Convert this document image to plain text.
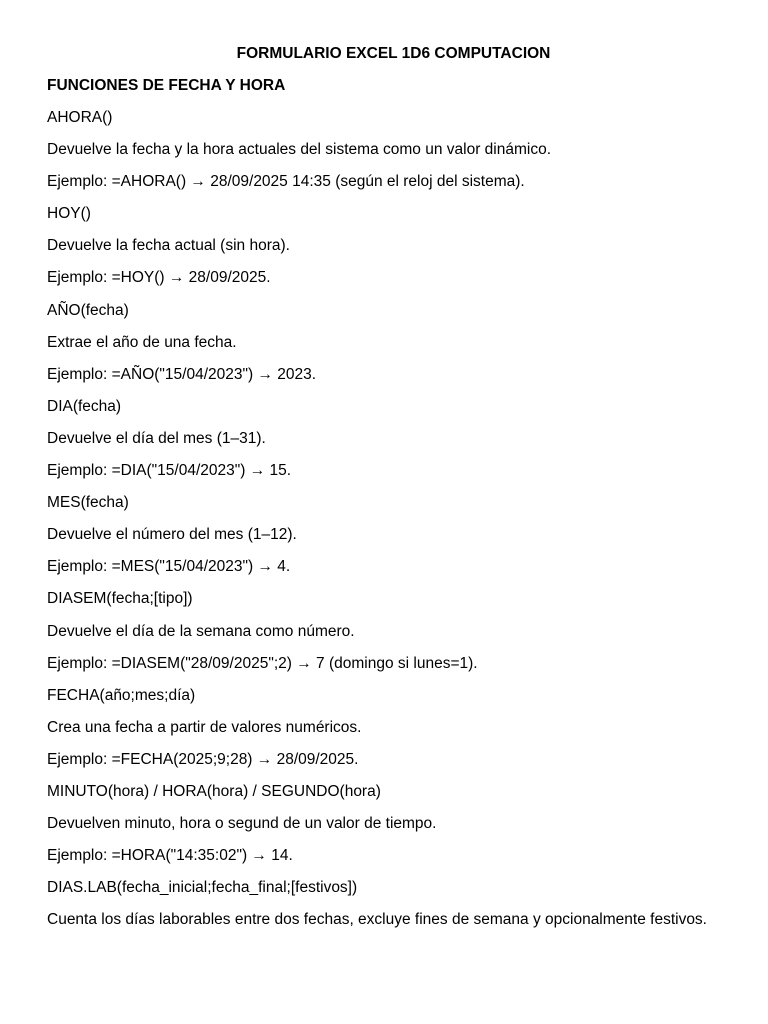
FORMULARIO EXCEL 1D6 COMPUTACION

FUNCIONES DE FECHA Y HORA

AHORA()

Devuelve la fecha y la hora actuales del sistema como un valor dinámico.

Ejemplo: =AHORA() → 28/09/2025 14:35 (según el reloj del sistema).

HOY()

Devuelve la fecha actual (sin hora).

Ejemplo: =HOY() → 28/09/2025.

AÑO(fecha)

Extrae el año de una fecha.

Ejemplo: =AÑO("15/04/2023") → 2023.

DIA(fecha)

Devuelve el día del mes (1–31).

Ejemplo: =DIA("15/04/2023") → 15.

MES(fecha)

Devuelve el número del mes (1–12).

Ejemplo: =MES("15/04/2023") → 4.

DIASEM(fecha;[tipo])

Devuelve el día de la semana como número.

Ejemplo: =DIASEM("28/09/2025";2) → 7 (domingo si lunes=1).

FECHA(año;mes;día)

Crea una fecha a partir de valores numéricos.

Ejemplo: =FECHA(2025;9;28) → 28/09/2025.

MINUTO(hora) / HORA(hora) / SEGUNDO(hora)

Devuelven minuto, hora o segund de un valor de tiempo.

Ejemplo: =HORA("14:35:02") → 14.

DIAS.LAB(fecha_inicial;fecha_final;[festivos])

Cuenta los días laborables entre dos fechas, excluye fines de semana y opcionalmente festivos.
